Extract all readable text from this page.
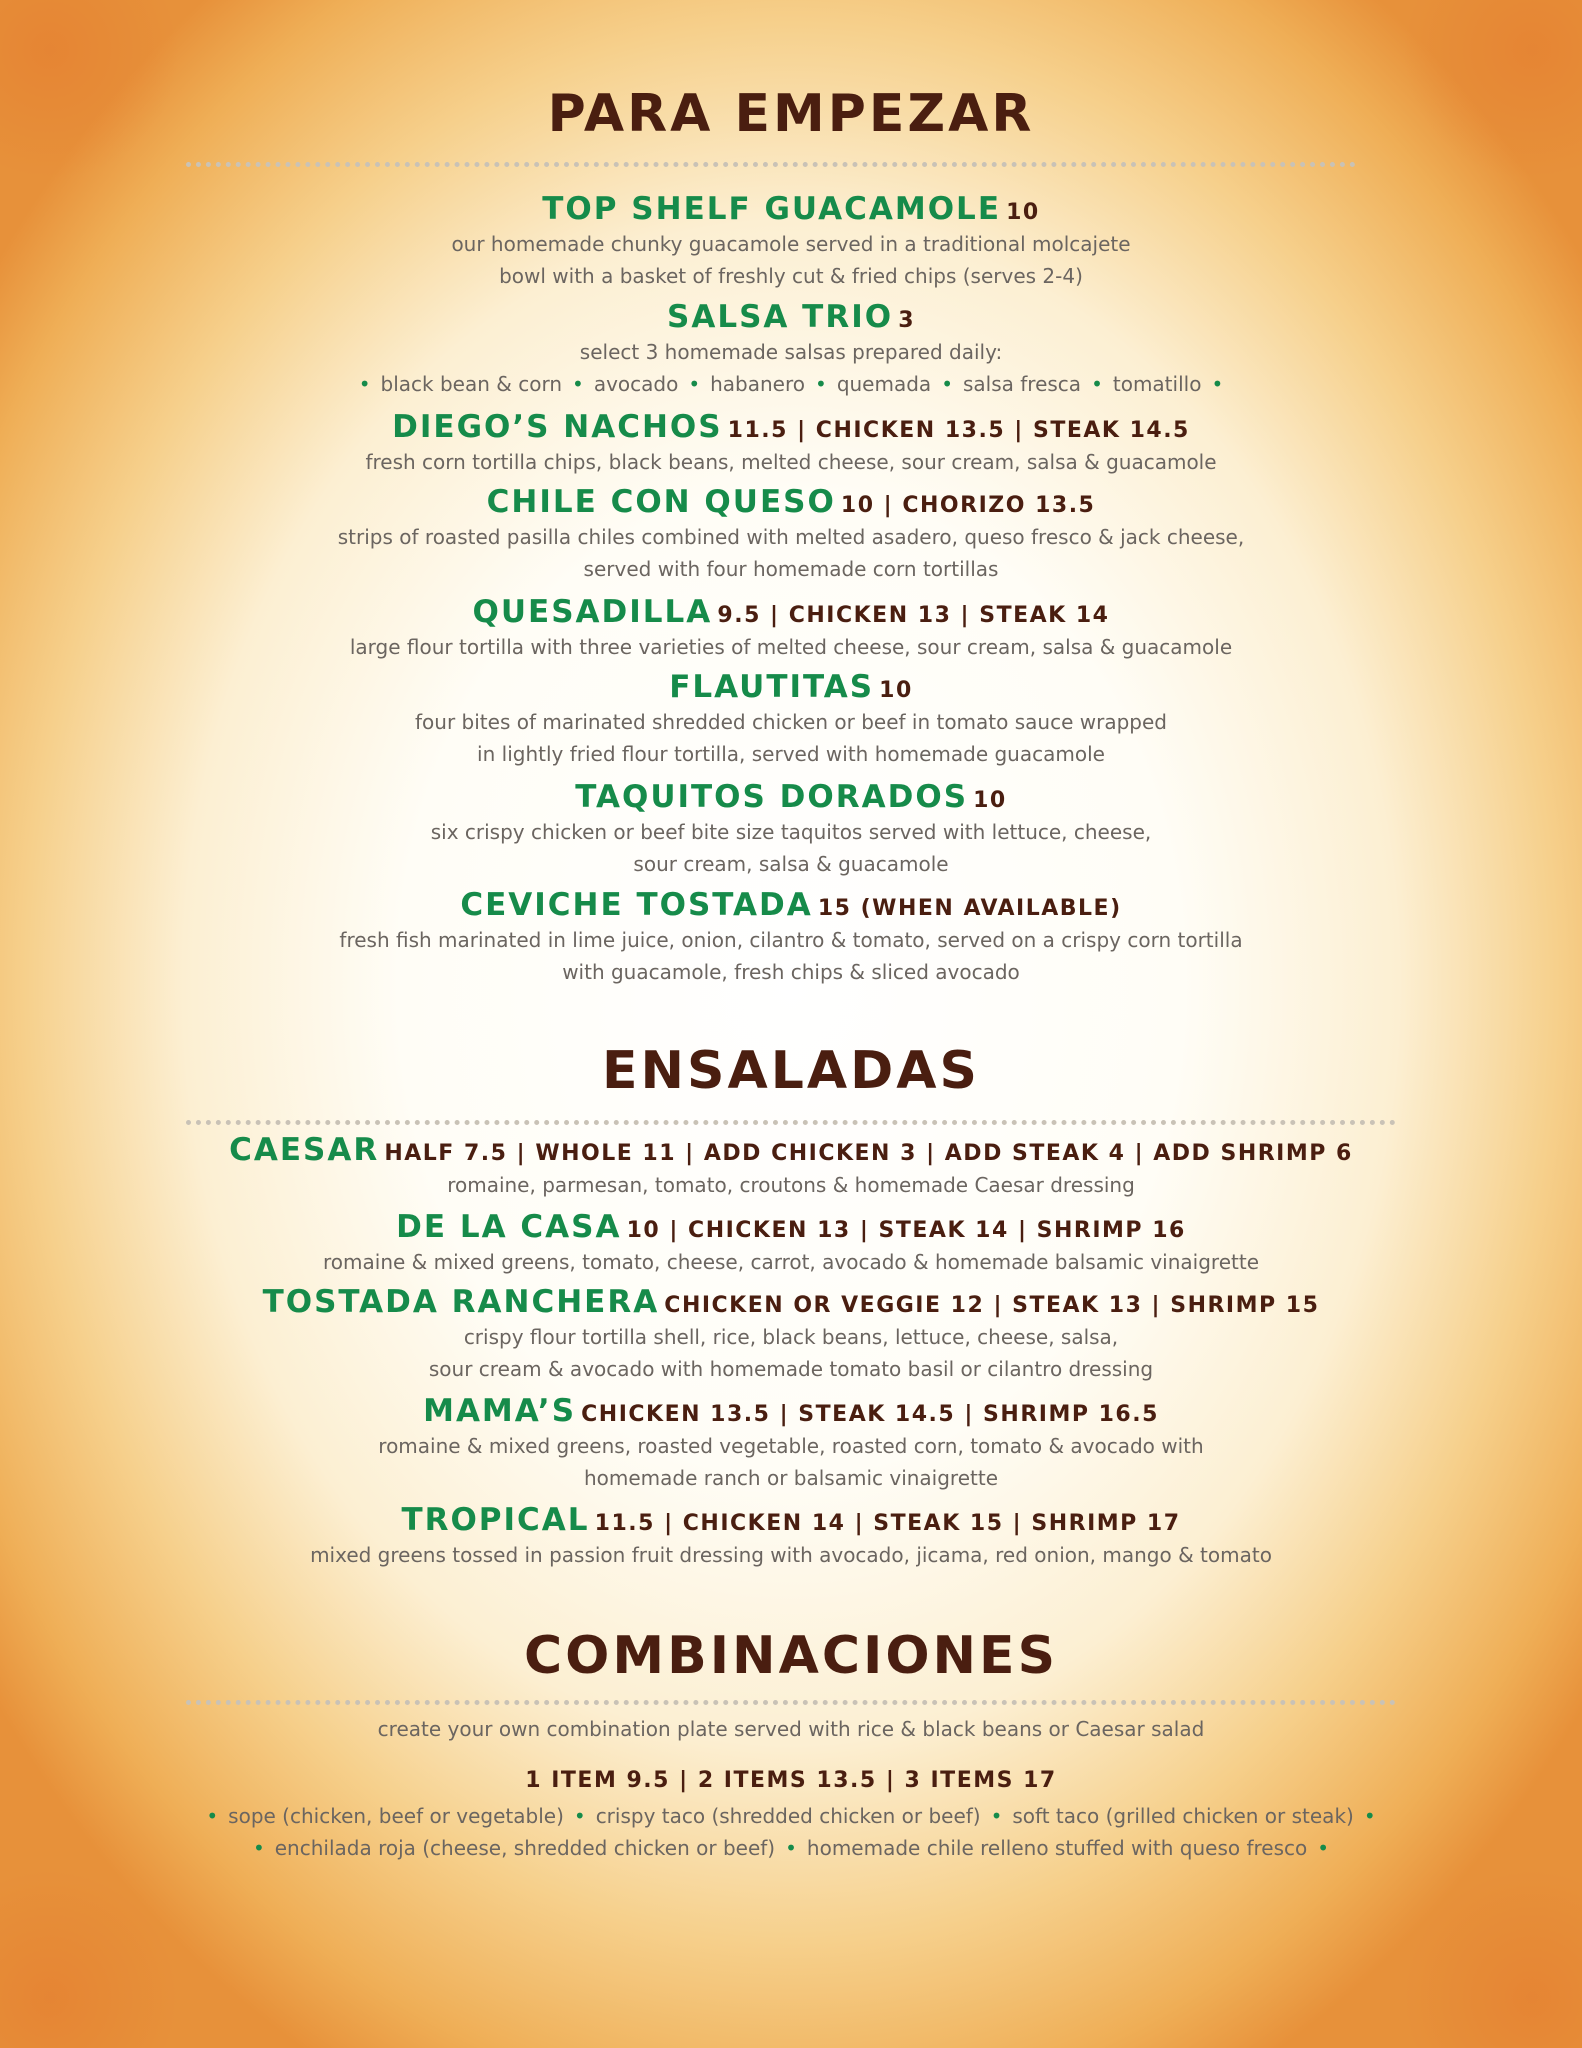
PARA EMPEZAR
TOP SHELF GUACAMOLE 10
our homemade chunky guacamole served in a traditional molcajete
bowl with a basket of freshly cut & fried chips (serves 2-4)
SALSA TRIO 3
select 3 homemade salsas prepared daily:
• black bean & corn • avocado • habanero • quemada • salsa fresca • tomatillo •
DIEGO’S NACHOS 11.5 | CHICKEN 13.5 | STEAK 14.5
fresh corn tortilla chips, black beans, melted cheese, sour cream, salsa & guacamole
CHILE CON QUESO 10 | CHORIZO 13.5
strips of roasted pasilla chiles combined with melted asadero, queso fresco & jack cheese,
served with four homemade corn tortillas
QUESADILLA 9.5 | CHICKEN 13 | STEAK 14
large flour tortilla with three varieties of melted cheese, sour cream, salsa & guacamole
FLAUTITAS 10
four bites of marinated shredded chicken or beef in tomato sauce wrapped
in lightly fried flour tortilla, served with homemade guacamole
TAQUITOS DORADOS 10
six crispy chicken or beef bite size taquitos served with lettuce, cheese,
sour cream, salsa & guacamole
CEVICHE TOSTADA 15 (WHEN AVAILABLE)
fresh fish marinated in lime juice, onion, cilantro & tomato, served on a crispy corn tortilla
with guacamole, fresh chips & sliced avocado
ENSALADAS
CAESAR HALF 7.5 | WHOLE 11 | ADD CHICKEN 3 | ADD STEAK 4 | ADD SHRIMP 6
romaine, parmesan, tomato, croutons & homemade Caesar dressing
DE LA CASA 10 | CHICKEN 13 | STEAK 14 | SHRIMP 16
romaine & mixed greens, tomato, cheese, carrot, avocado & homemade balsamic vinaigrette
TOSTADA RANCHERA CHICKEN OR VEGGIE 12 | STEAK 13 | SHRIMP 15
crispy flour tortilla shell, rice, black beans, lettuce, cheese, salsa,
sour cream & avocado with homemade tomato basil or cilantro dressing
MAMA’S CHICKEN 13.5 | STEAK 14.5 | SHRIMP 16.5
romaine & mixed greens, roasted vegetable, roasted corn, tomato & avocado with
homemade ranch or balsamic vinaigrette
TROPICAL 11.5 | CHICKEN 14 | STEAK 15 | SHRIMP 17
mixed greens tossed in passion fruit dressing with avocado, jicama, red onion, mango & tomato
COMBINACIONES
create your own combination plate served with rice & black beans or Caesar salad
1 ITEM 9.5 | 2 ITEMS 13.5 | 3 ITEMS 17
• sope (chicken, beef or vegetable) • crispy taco (shredded chicken or beef) • soft taco (grilled chicken or steak) •
• enchilada roja (cheese, shredded chicken or beef) • homemade chile relleno stuffed with queso fresco •
